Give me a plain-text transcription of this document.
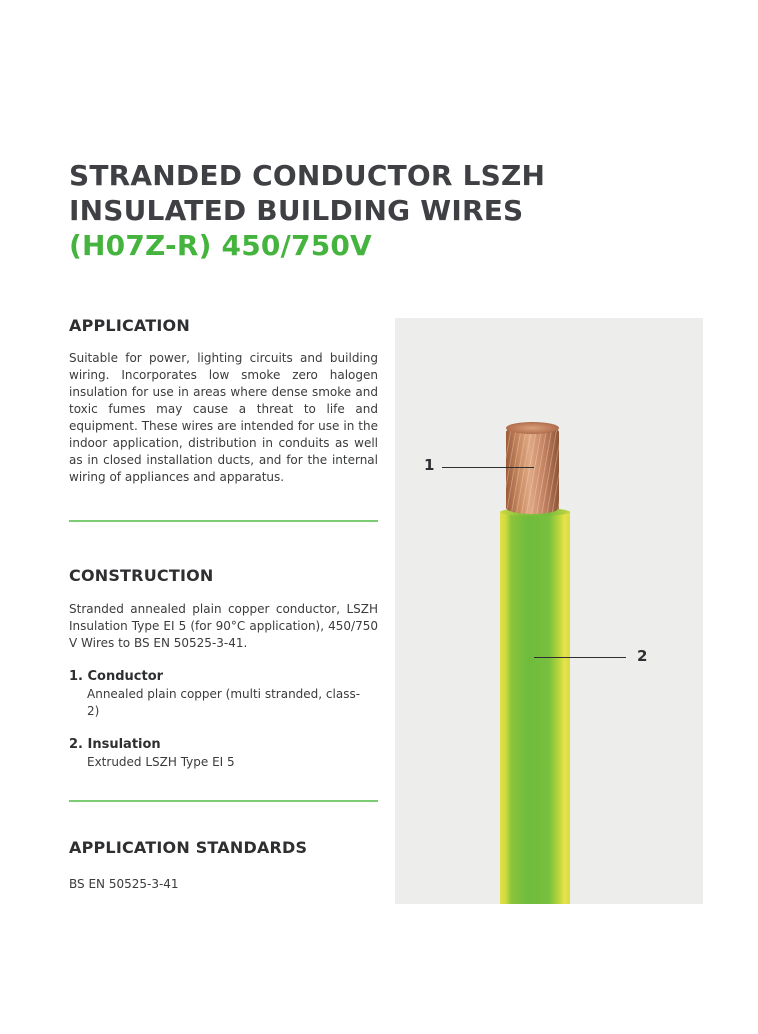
STRANDED CONDUCTOR LSZH
INSULATED BUILDING WIRES
(H07Z-R) 450/750V
APPLICATION
Suitable for power, lighting circuits and building wiring. Incorporates low smoke zero halogen insulation for use in areas where dense smoke and toxic fumes may cause a threat to life and equipment. These wires are intended for use in the indoor application, distribution in conduits as well as in closed installation ducts, and for the internal wiring of appliances and apparatus.
CONSTRUCTION
Stranded annealed plain copper conductor, LSZH Insulation Type EI 5 (for 90°C application), 450/750 V Wires to BS EN 50525-3-41.
1. Conductor
Annealed plain copper (multi stranded, class-2)
2. Insulation
Extruded LSZH Type EI 5
APPLICATION STANDARDS
BS EN 50525-3-41
1
2
